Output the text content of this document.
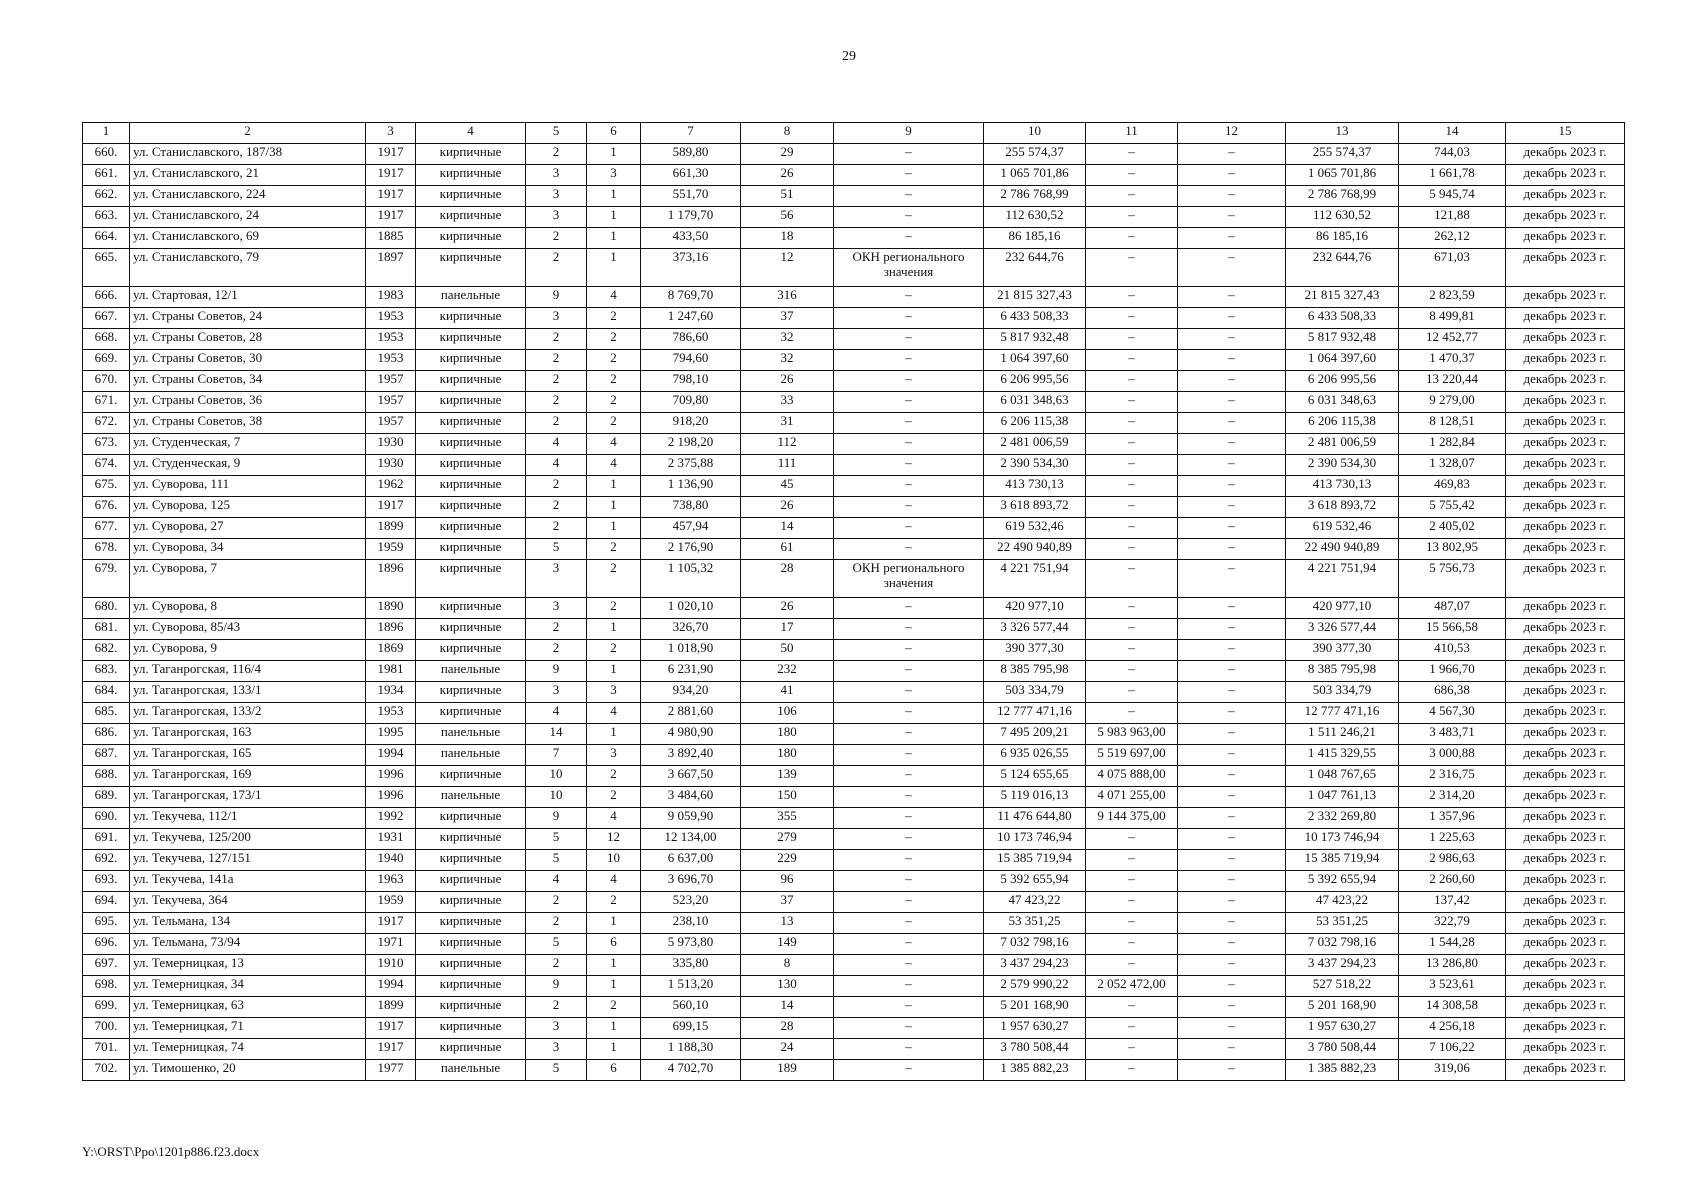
29
1	2	3	4	5	6	7	8	9	10	11	12	13	14	15
660.	ул. Станиславского, 187/38	1917	кирпичные	2	1	589,80	29	–	255 574,37	–	–	255 574,37	744,03	декабрь 2023 г.
661.	ул. Станиславского, 21	1917	кирпичные	3	3	661,30	26	–	1 065 701,86	–	–	1 065 701,86	1 661,78	декабрь 2023 г.
662.	ул. Станиславского, 224	1917	кирпичные	3	1	551,70	51	–	2 786 768,99	–	–	2 786 768,99	5 945,74	декабрь 2023 г.
663.	ул. Станиславского, 24	1917	кирпичные	3	1	1 179,70	56	–	112 630,52	–	–	112 630,52	121,88	декабрь 2023 г.
664.	ул. Станиславского, 69	1885	кирпичные	2	1	433,50	18	–	86 185,16	–	–	86 185,16	262,12	декабрь 2023 г.
665.	ул. Станиславского, 79	1897	кирпичные	2	1	373,16	12	ОКН регионального значения	232 644,76	–	–	232 644,76	671,03	декабрь 2023 г.
666.	ул. Стартовая, 12/1	1983	панельные	9	4	8 769,70	316	–	21 815 327,43	–	–	21 815 327,43	2 823,59	декабрь 2023 г.
667.	ул. Страны Советов, 24	1953	кирпичные	3	2	1 247,60	37	–	6 433 508,33	–	–	6 433 508,33	8 499,81	декабрь 2023 г.
668.	ул. Страны Советов, 28	1953	кирпичные	2	2	786,60	32	–	5 817 932,48	–	–	5 817 932,48	12 452,77	декабрь 2023 г.
669.	ул. Страны Советов, 30	1953	кирпичные	2	2	794,60	32	–	1 064 397,60	–	–	1 064 397,60	1 470,37	декабрь 2023 г.
670.	ул. Страны Советов, 34	1957	кирпичные	2	2	798,10	26	–	6 206 995,56	–	–	6 206 995,56	13 220,44	декабрь 2023 г.
671.	ул. Страны Советов, 36	1957	кирпичные	2	2	709,80	33	–	6 031 348,63	–	–	6 031 348,63	9 279,00	декабрь 2023 г.
672.	ул. Страны Советов, 38	1957	кирпичные	2	2	918,20	31	–	6 206 115,38	–	–	6 206 115,38	8 128,51	декабрь 2023 г.
673.	ул. Студенческая, 7	1930	кирпичные	4	4	2 198,20	112	–	2 481 006,59	–	–	2 481 006,59	1 282,84	декабрь 2023 г.
674.	ул. Студенческая, 9	1930	кирпичные	4	4	2 375,88	111	–	2 390 534,30	–	–	2 390 534,30	1 328,07	декабрь 2023 г.
675.	ул. Суворова, 111	1962	кирпичные	2	1	1 136,90	45	–	413 730,13	–	–	413 730,13	469,83	декабрь 2023 г.
676.	ул. Суворова, 125	1917	кирпичные	2	1	738,80	26	–	3 618 893,72	–	–	3 618 893,72	5 755,42	декабрь 2023 г.
677.	ул. Суворова, 27	1899	кирпичные	2	1	457,94	14	–	619 532,46	–	–	619 532,46	2 405,02	декабрь 2023 г.
678.	ул. Суворова, 34	1959	кирпичные	5	2	2 176,90	61	–	22 490 940,89	–	–	22 490 940,89	13 802,95	декабрь 2023 г.
679.	ул. Суворова, 7	1896	кирпичные	3	2	1 105,32	28	ОКН регионального значения	4 221 751,94	–	–	4 221 751,94	5 756,73	декабрь 2023 г.
680.	ул. Суворова, 8	1890	кирпичные	3	2	1 020,10	26	–	420 977,10	–	–	420 977,10	487,07	декабрь 2023 г.
681.	ул. Суворова, 85/43	1896	кирпичные	2	1	326,70	17	–	3 326 577,44	–	–	3 326 577,44	15 566,58	декабрь 2023 г.
682.	ул. Суворова, 9	1869	кирпичные	2	2	1 018,90	50	–	390 377,30	–	–	390 377,30	410,53	декабрь 2023 г.
683.	ул. Таганрогская, 116/4	1981	панельные	9	1	6 231,90	232	–	8 385 795,98	–	–	8 385 795,98	1 966,70	декабрь 2023 г.
684.	ул. Таганрогская, 133/1	1934	кирпичные	3	3	934,20	41	–	503 334,79	–	–	503 334,79	686,38	декабрь 2023 г.
685.	ул. Таганрогская, 133/2	1953	кирпичные	4	4	2 881,60	106	–	12 777 471,16	–	–	12 777 471,16	4 567,30	декабрь 2023 г.
686.	ул. Таганрогская, 163	1995	панельные	14	1	4 980,90	180	–	7 495 209,21	5 983 963,00	–	1 511 246,21	3 483,71	декабрь 2023 г.
687.	ул. Таганрогская, 165	1994	панельные	7	3	3 892,40	180	–	6 935 026,55	5 519 697,00	–	1 415 329,55	3 000,88	декабрь 2023 г.
688.	ул. Таганрогская, 169	1996	кирпичные	10	2	3 667,50	139	–	5 124 655,65	4 075 888,00	–	1 048 767,65	2 316,75	декабрь 2023 г.
689.	ул. Таганрогская, 173/1	1996	панельные	10	2	3 484,60	150	–	5 119 016,13	4 071 255,00	–	1 047 761,13	2 314,20	декабрь 2023 г.
690.	ул. Текучева, 112/1	1992	кирпичные	9	4	9 059,90	355	–	11 476 644,80	9 144 375,00	–	2 332 269,80	1 357,96	декабрь 2023 г.
691.	ул. Текучева, 125/200	1931	кирпичные	5	12	12 134,00	279	–	10 173 746,94	–	–	10 173 746,94	1 225,63	декабрь 2023 г.
692.	ул. Текучева, 127/151	1940	кирпичные	5	10	6 637,00	229	–	15 385 719,94	–	–	15 385 719,94	2 986,63	декабрь 2023 г.
693.	ул. Текучева, 141а	1963	кирпичные	4	4	3 696,70	96	–	5 392 655,94	–	–	5 392 655,94	2 260,60	декабрь 2023 г.
694.	ул. Текучева, 364	1959	кирпичные	2	2	523,20	37	–	47 423,22	–	–	47 423,22	137,42	декабрь 2023 г.
695.	ул. Тельмана, 134	1917	кирпичные	2	1	238,10	13	–	53 351,25	–	–	53 351,25	322,79	декабрь 2023 г.
696.	ул. Тельмана, 73/94	1971	кирпичные	5	6	5 973,80	149	–	7 032 798,16	–	–	7 032 798,16	1 544,28	декабрь 2023 г.
697.	ул. Темерницкая, 13	1910	кирпичные	2	1	335,80	8	–	3 437 294,23	–	–	3 437 294,23	13 286,80	декабрь 2023 г.
698.	ул. Темерницкая, 34	1994	кирпичные	9	1	1 513,20	130	–	2 579 990,22	2 052 472,00	–	527 518,22	3 523,61	декабрь 2023 г.
699.	ул. Темерницкая, 63	1899	кирпичные	2	2	560,10	14	–	5 201 168,90	–	–	5 201 168,90	14 308,58	декабрь 2023 г.
700.	ул. Темерницкая, 71	1917	кирпичные	3	1	699,15	28	–	1 957 630,27	–	–	1 957 630,27	4 256,18	декабрь 2023 г.
701.	ул. Темерницкая, 74	1917	кирпичные	3	1	1 188,30	24	–	3 780 508,44	–	–	3 780 508,44	7 106,22	декабрь 2023 г.
702.	ул. Тимошенко, 20	1977	панельные	5	6	4 702,70	189	–	1 385 882,23	–	–	1 385 882,23	319,06	декабрь 2023 г.
Y:\ORST\Ppo\1201p886.f23.docx
